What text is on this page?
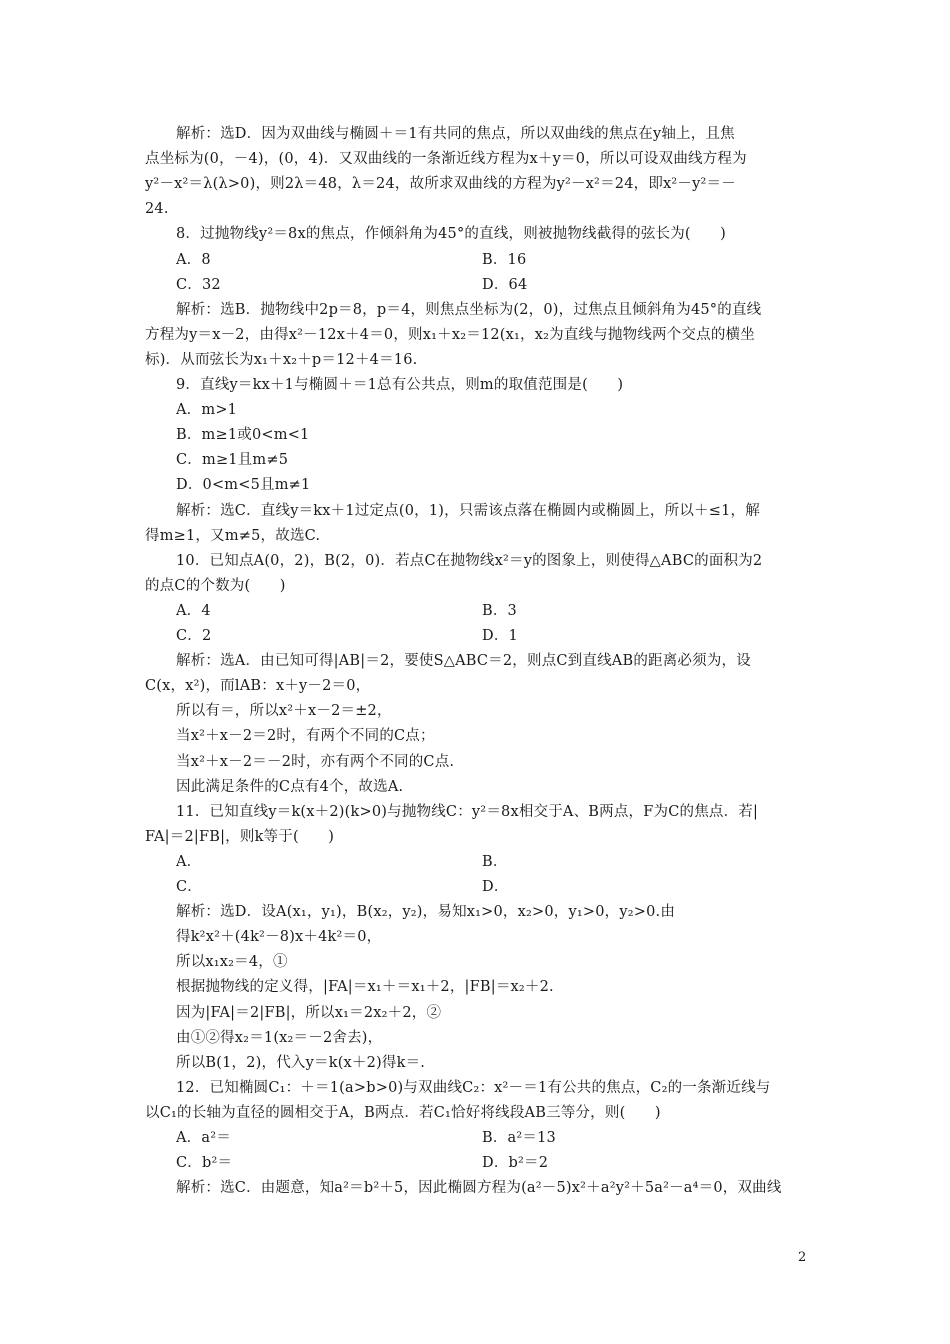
解析：选D．因为双曲线与椭圆＋＝1有共同的焦点，所以双曲线的焦点在y轴上，且焦
点坐标为(0，－4)，(0，4)．又双曲线的一条渐近线方程为x＋y＝0，所以可设双曲线方程为
y²－x²＝λ(λ>0)，则2λ＝48，λ＝24，故所求双曲线的方程为y²－x²＝24，即x²－y²＝－
24.
8．过抛物线y²＝8x的焦点，作倾斜角为45°的直线，则被抛物线截得的弦长为(　　)
A．8	B．16
C．32	D．64
解析：选B．抛物线中2p＝8，p＝4，则焦点坐标为(2，0)，过焦点且倾斜角为45°的直线
方程为y＝x－2，由得x²－12x＋4＝0，则x₁＋x₂＝12(x₁，x₂为直线与抛物线两个交点的横坐
标)．从而弦长为x₁＋x₂＋p＝12＋4＝16.
9．直线y＝kx＋1与椭圆＋＝1总有公共点，则m的取值范围是(　　)
A．m>1
B．m≥1或0<m<1
C．m≥1且m≠5
D．0<m<5且m≠1
解析：选C．直线y＝kx＋1过定点(0，1)，只需该点落在椭圆内或椭圆上，所以＋≤1，解
得m≥1，又m≠5，故选C.
10．已知点A(0，2)，B(2，0)．若点C在抛物线x²＝y的图象上，则使得△ABC的面积为2
的点C的个数为(　　)
A．4	B．3
C．2	D．1
解析：选A．由已知可得|AB|＝2，要使S△ABC＝2，则点C到直线AB的距离必须为，设
C(x，x²)，而lAB：x＋y－2＝0，
所以有＝，所以x²＋x－2＝±2，
当x²＋x－2＝2时，有两个不同的C点；
当x²＋x－2＝－2时，亦有两个不同的C点.
因此满足条件的C点有4个，故选A.
11．已知直线y＝k(x＋2)(k>0)与抛物线C：y²＝8x相交于A、B两点，F为C的焦点．若|
FA|＝2|FB|，则k等于(　　)
A．	B．
C．	D．
解析：选D．设A(x₁，y₁)，B(x₂，y₂)，易知x₁>0，x₂>0，y₁>0，y₂>0.由
得k²x²＋(4k²－8)x＋4k²＝0，
所以x₁x₂＝4，①
根据抛物线的定义得，|FA|＝x₁＋＝x₁＋2，|FB|＝x₂＋2.
因为|FA|＝2|FB|，所以x₁＝2x₂＋2，②
由①②得x₂＝1(x₂＝－2舍去)，
所以B(1，2)，代入y＝k(x＋2)得k＝.
12．已知椭圆C₁：＋＝1(a>b>0)与双曲线C₂：x²－＝1有公共的焦点，C₂的一条渐近线与
以C₁的长轴为直径的圆相交于A，B两点．若C₁恰好将线段AB三等分，则(　　)
A．a²＝	B．a²＝13
C．b²＝	D．b²＝2
解析：选C．由题意，知a²＝b²＋5，因此椭圆方程为(a²－5)x²＋a²y²＋5a²－a⁴＝0，双曲线
2
